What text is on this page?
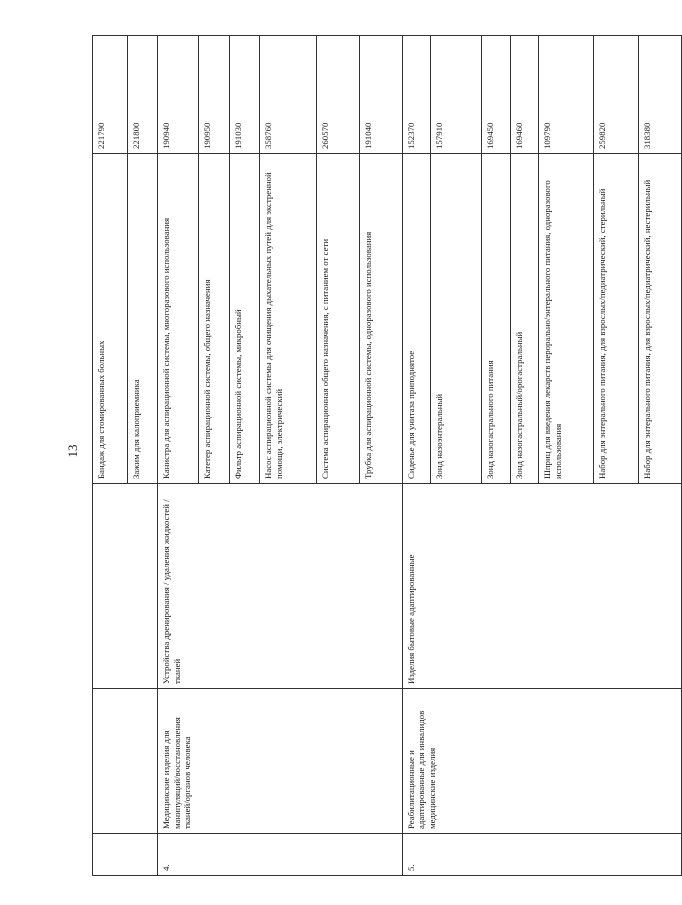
13
			Бандаж для стомированных больных	221790
			Зажим для калоприемника	221800
4.	Медицинские изделия для манипуляций/восстановления тканей/органов человека	Устройства дренирования / удаления жидкостей / тканей	Канистра для аспирационной системы, многоразового использования	190940
			Катетер аспирационной системы, общего назначения	190950
			Фильтр аспирационной системы, микробный	191030
			Насос аспирационной системы для очищения дыхательных путей для экстренной помощи, электрический	358760
			Система аспирационная общего назначения, с питанием от сети	260570
			Трубка для аспирационной системы, одноразового использования	191040
5.	Реабилитационные и адаптированные для инвалидов медицинские изделия	Изделия бытовые адаптированные	Сиденье для унитаза приподнятое	152370
			Зонд назоэнтеральный	157910
			Зонд назогастрального питания	169450
			Зонд назогастральный/орогастральный	169460
			Шприц для введения лекарств перорально/энтерального питания, одноразового использования	109790
			Набор для энтерального питания, для взрослых/педиатрический, стерильный	259820
			Набор для энтерального питания, для взрослых/педиатрический, нестерильный	318380
